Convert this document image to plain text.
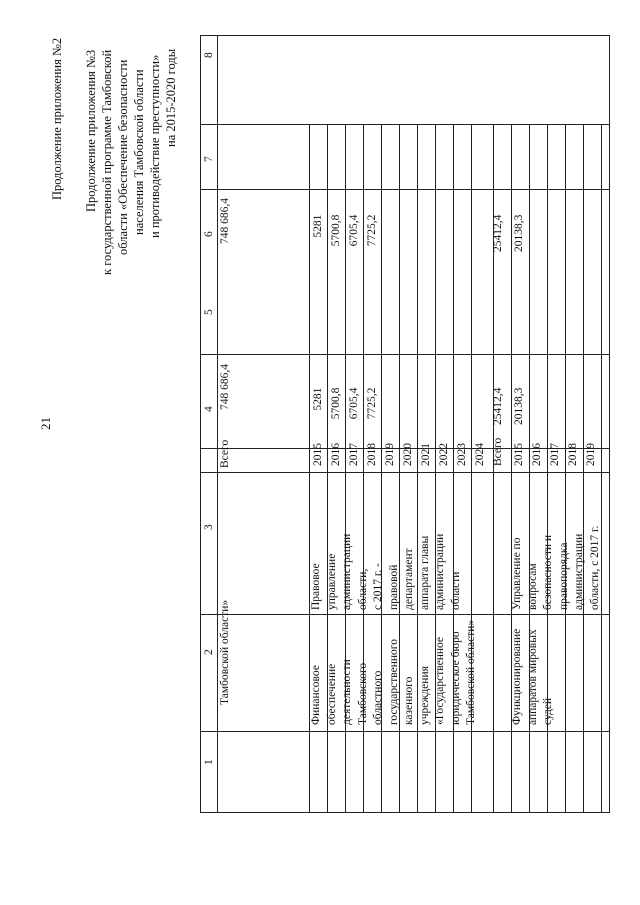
21
Продолжение приложения №2 Продолжение приложения №3 к государственной программе Тамбовской области «Обеспечение безопасности населения Тамбовской области и противодействие преступности» на 2015-2020 годы 8
7
6
5
4
3
2
1
Тамбовской области»
Всего
748 686,4
748 686,4
Финансовое обеспечение деятельности Тамбовского областного государственного казенного учреждения «Государственное юридическое бюро Тамбовской области»
Правовое управление администрации области, с 2017 г. - правовой департамент аппарата главы администрации области
2015 2016 2017 2018 2019 2020 2021 2022 2023 2024 Всего
5281 5700,8 6705,4 7725,2

	25412,4
5281 5700,8 6705,4 7725,2

	25412,4
Функционирование аппаратов мировых судей
Управление по вопросам безопасности и правопорядка администрации области, с 2017 г.
2015 2016 2017 2018 2019
20138,3
20138,3
